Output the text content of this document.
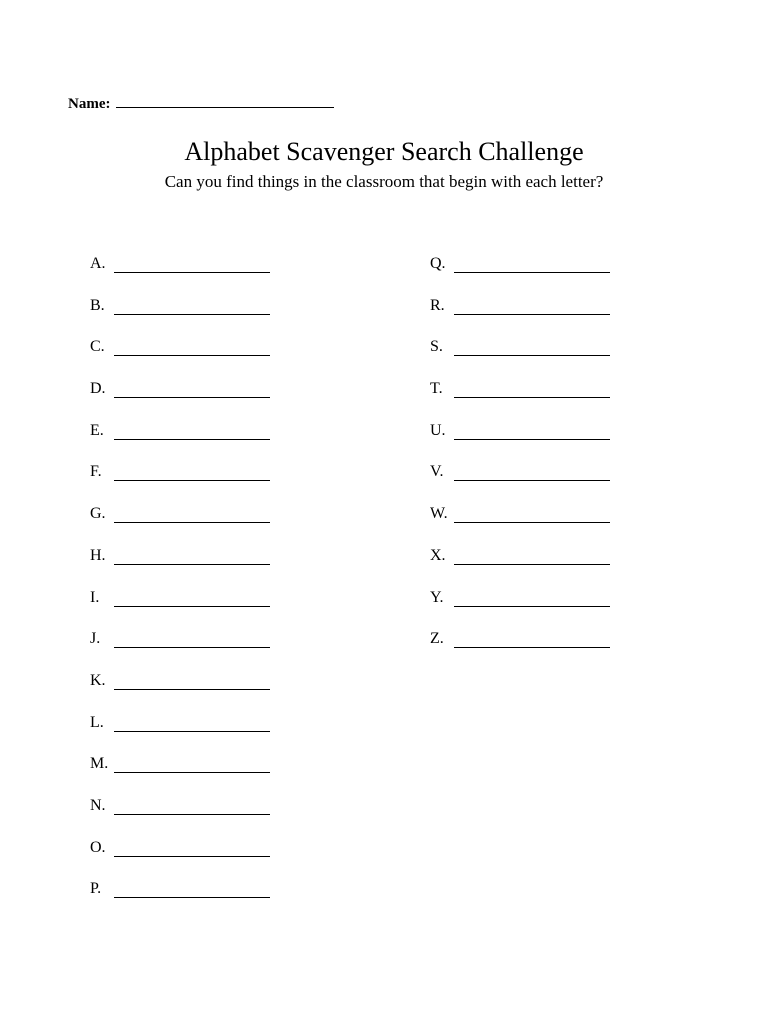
Name:
Alphabet Scavenger Search Challenge
Can you find things in the classroom that begin with each letter?
A.
B.
C.
D.
E.
F.
G.
H.
I.
J.
K.
L.
M.
N.
O.
P.
Q.
R.
S.
T.
U.
V.
W.
X.
Y.
Z.
